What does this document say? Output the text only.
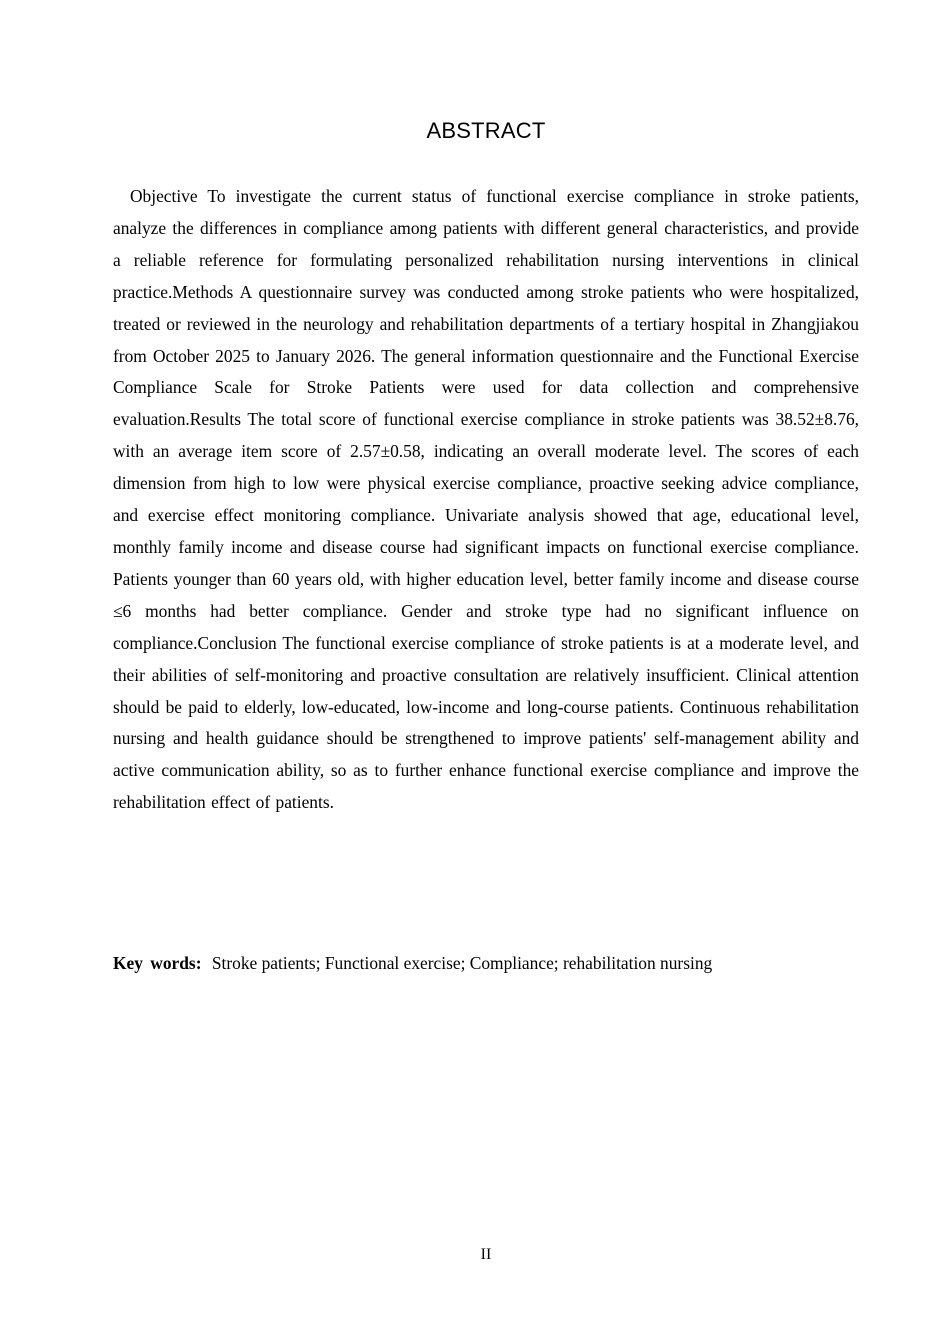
ABSTRACT

Objective To investigate the current status of functional exercise compliance in stroke patients, analyze the differences in compliance among patients with different general characteristics, and provide a reliable reference for formulating personalized rehabilitation nursing interventions in clinical practice.Methods A questionnaire survey was conducted among stroke patients who were hospitalized, treated or reviewed in the neurology and rehabilitation departments of a tertiary hospital in Zhangjiakou from October 2025 to January 2026. The general information questionnaire and the Functional Exercise Compliance Scale for Stroke Patients were used for data collection and comprehensive evaluation.Results The total score of functional exercise compliance in stroke patients was 38.52±8.76, with an average item score of 2.57±0.58, indicating an overall moderate level. The scores of each dimension from high to low were physical exercise compliance, proactive seeking advice compliance, and exercise effect monitoring compliance. Univariate analysis showed that age, educational level, monthly family income and disease course had significant impacts on functional exercise compliance. Patients younger than 60 years old, with higher education level, better family income and disease course ≤6 months had better compliance. Gender and stroke type had no significant influence on compliance.Conclusion The functional exercise compliance of stroke patients is at a moderate level, and their abilities of self-monitoring and proactive consultation are relatively insufficient. Clinical attention should be paid to elderly, low-educated, low-income and long-course patients. Continuous rehabilitation nursing and health guidance should be strengthened to improve patients' self-management ability and active communication ability, so as to further enhance functional exercise compliance and improve the rehabilitation effect of patients.

Key words: Stroke patients; Functional exercise; Compliance; rehabilitation nursing

II
